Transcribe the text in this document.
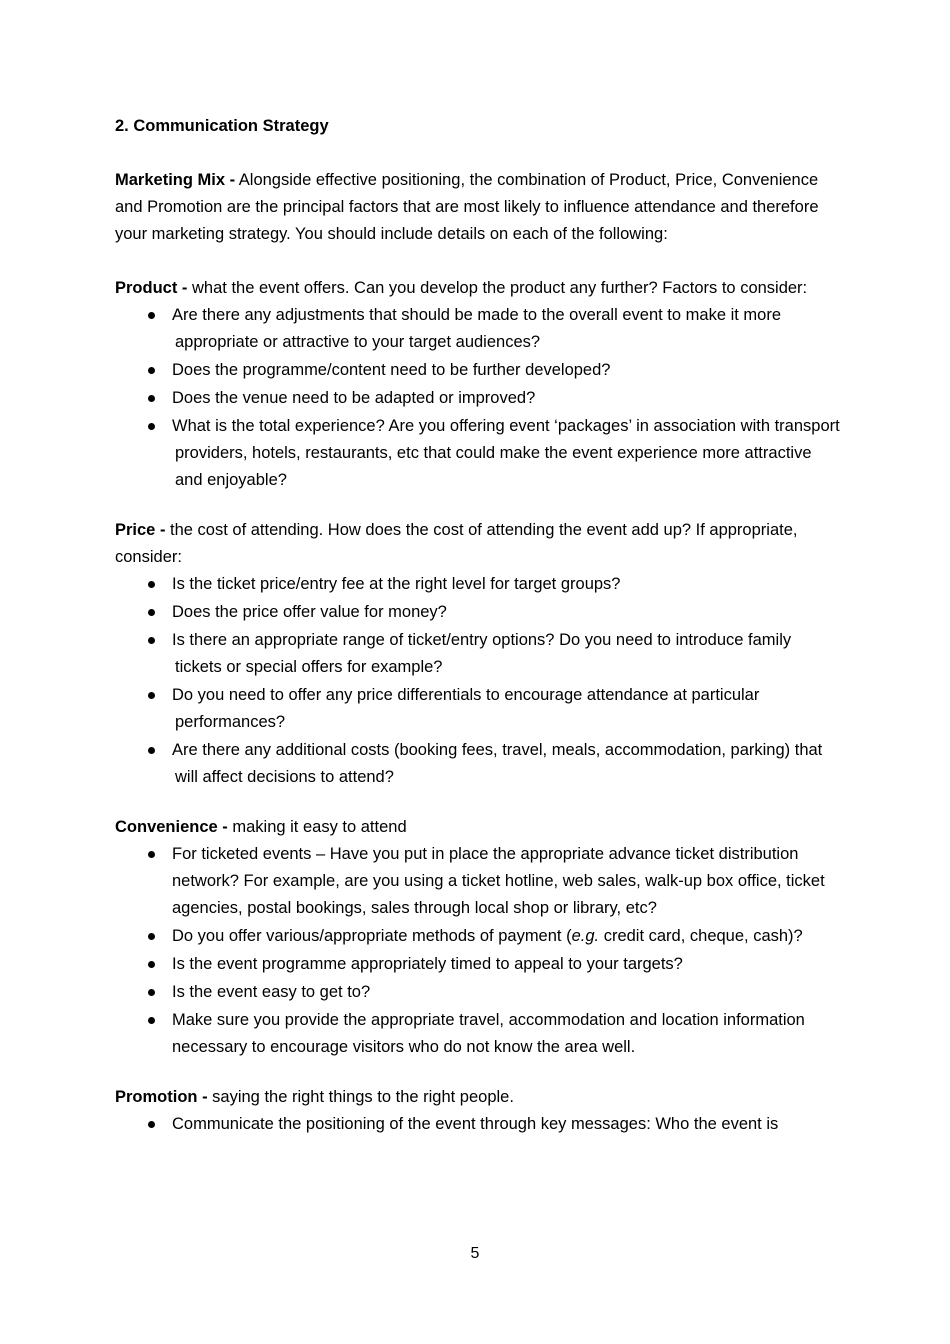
2. Communication Strategy

Marketing Mix - Alongside effective positioning, the combination of Product, Price, Convenience and Promotion are the principal factors that are most likely to influence attendance and therefore your marketing strategy. You should include details on each of the following:

Product - what the event offers. Can you develop the product any further? Factors to consider:

Are there any adjustments that should be made to the overall event to make it more appropriate or attractive to your target audiences?
Does the programme/content need to be further developed?
Does the venue need to be adapted or improved?
What is the total experience? Are you offering event ‘packages’ in association with transport providers, hotels, restaurants, etc that could make the event experience more attractive and enjoyable?

Price - the cost of attending. How does the cost of attending the event add up? If appropriate, consider:

Is the ticket price/entry fee at the right level for target groups?
Does the price offer value for money?
Is there an appropriate range of ticket/entry options? Do you need to introduce family tickets or special offers for example?
Do you need to offer any price differentials to encourage attendance at particular performances?
Are there any additional costs (booking fees, travel, meals, accommodation, parking) that will affect decisions to attend?

Convenience - making it easy to attend

For ticketed events – Have you put in place the appropriate advance ticket distribution network? For example, are you using a ticket hotline, web sales, walk-up box office, ticket agencies, postal bookings, sales through local shop or library, etc?
Do you offer various/appropriate methods of payment (e.g. credit card, cheque, cash)?
Is the event programme appropriately timed to appeal to your targets?
Is the event easy to get to?
Make sure you provide the appropriate travel, accommodation and location information necessary to encourage visitors who do not know the area well.

Promotion - saying the right things to the right people.

Communicate the positioning of the event through key messages: Who the event is
5
